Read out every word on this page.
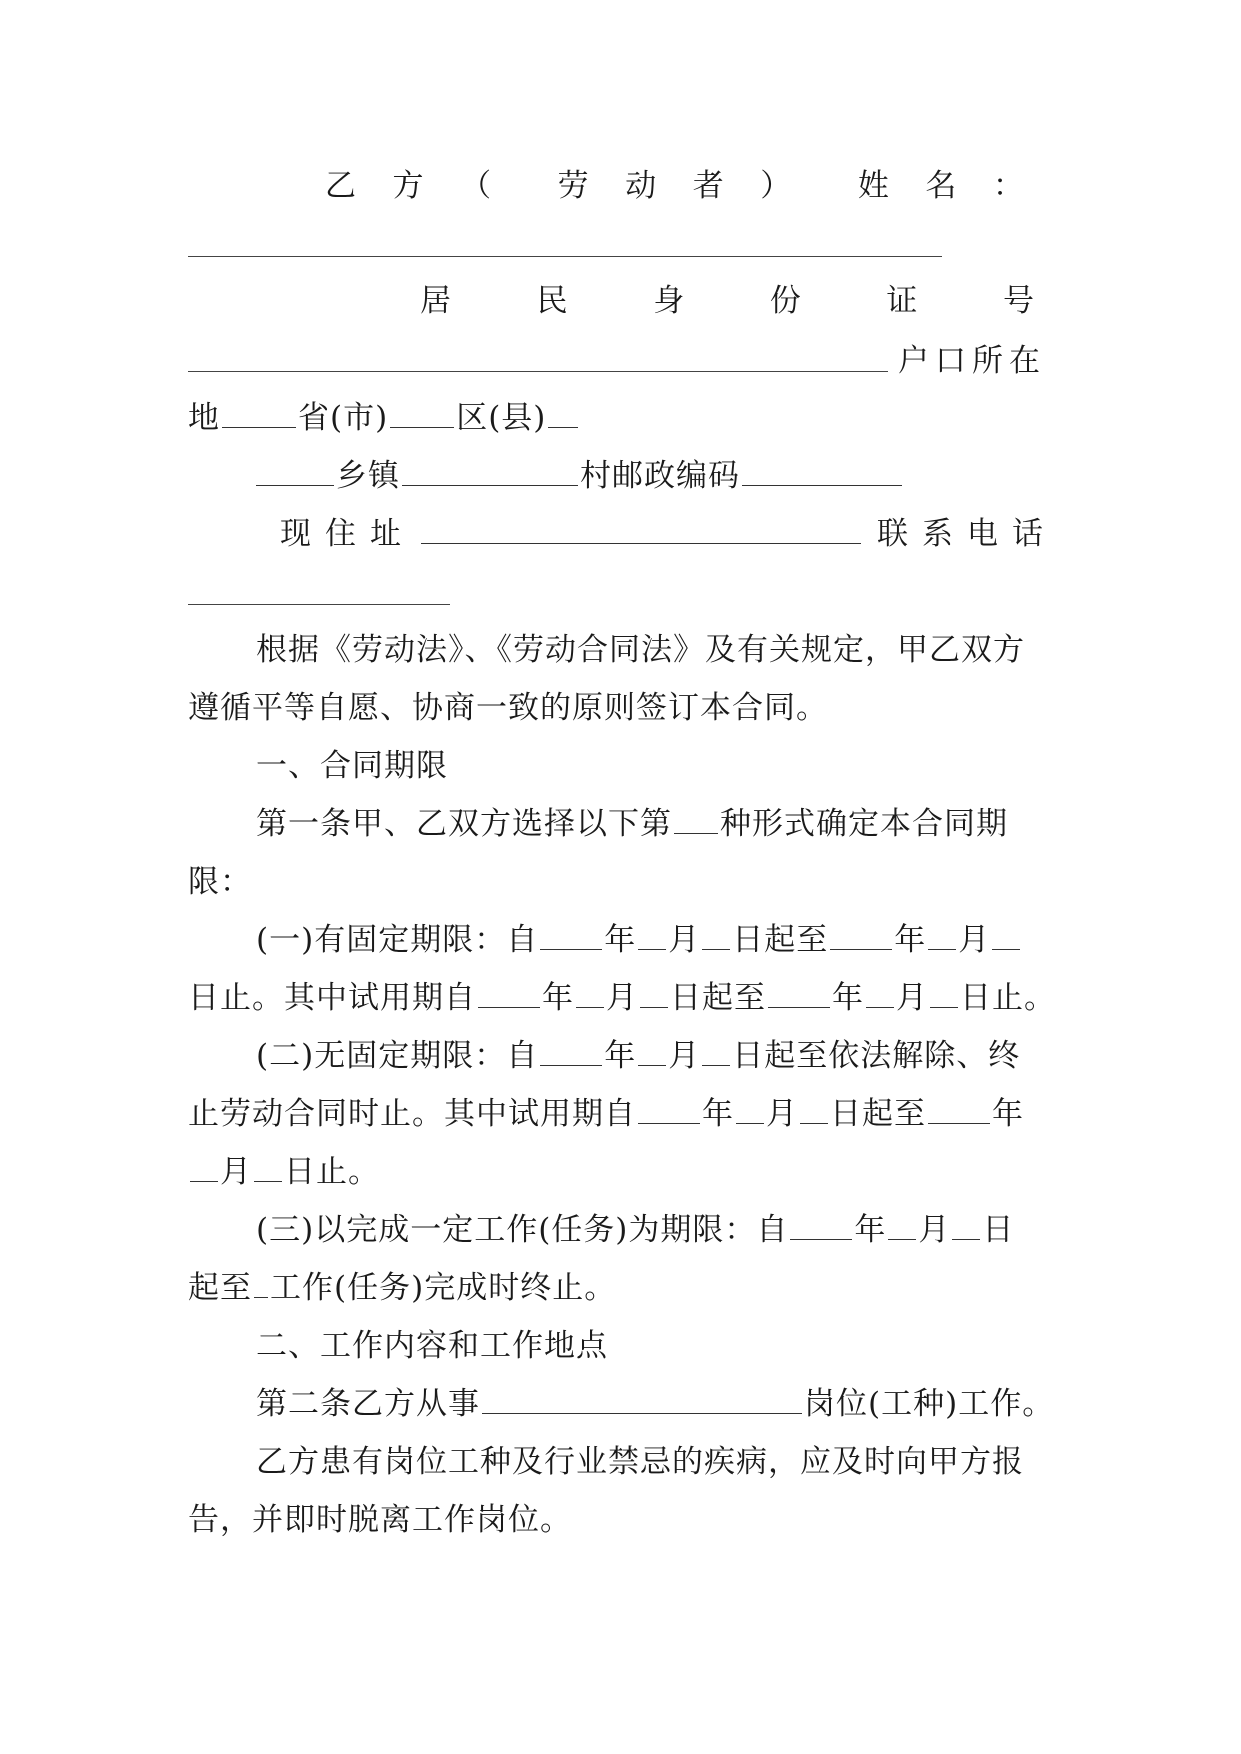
乙 方 （ 劳 动 者 ） 姓 名 ：
居	民	身	份	证	号
户口所在
地	省(市) 区(县)
乡镇	村邮政编码
现住址	联系电话
根据《劳动法》、《劳动合同法》及有关规定，甲乙双方
遵循平等自愿、协商一致的原则签订本合同。
一、合同期限
第一条甲、乙双方选择以下第 种形式确定本合同期
限：
(一)有固定期限：自 年 月 日起至 年 月
日止。其中试用期自 年 月 日起至 年 月 日止。
(二)无固定期限：自 年 月 日起至依法解除、终
止劳动合同时止。其中试用期自 年 月 日起至 年
月 日止。
(三)以完成一定工作(任务)为期限：自 年 月 日
起至 工作(任务)完成时终止。
二、工作内容和工作地点
第二条乙方从事	岗位(工种)工作。
乙方患有岗位工种及行业禁忌的疾病，应及时向甲方报
告，并即时脱离工作岗位。
